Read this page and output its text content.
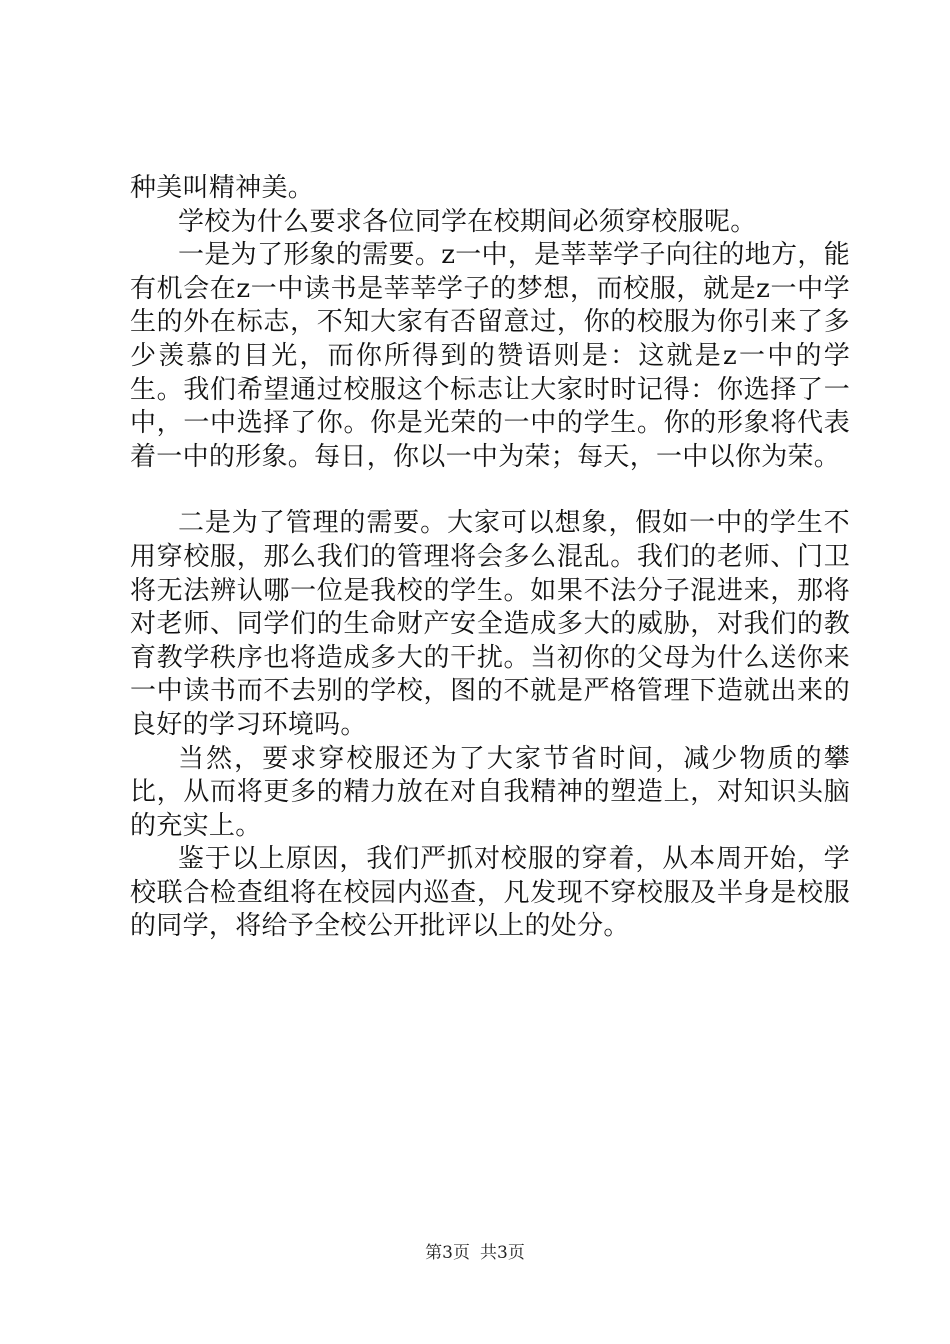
种美叫精神美。

学校为什么要求各位同学在校期间必须穿校服呢。

一是为了形象的需要。z一中，是莘莘学子向往的地方，能有机会在z一中读书是莘莘学子的梦想，而校服，就是z一中学生的外在标志，不知大家有否留意过，你的校服为你引来了多少羡慕的目光，而你所得到的赞语则是：这就是z一中的学生。我们希望通过校服这个标志让大家时时记得：你选择了一中，一中选择了你。你是光荣的一中的学生。你的形象将代表着一中的形象。每日，你以一中为荣；每天，一中以你为荣。

二是为了管理的需要。大家可以想象，假如一中的学生不用穿校服，那么我们的管理将会多么混乱。我们的老师、门卫将无法辨认哪一位是我校的学生。如果不法分子混进来，那将对老师、同学们的生命财产安全造成多大的威胁，对我们的教育教学秩序也将造成多大的干扰。当初你的父母为什么送你来一中读书而不去别的学校，图的不就是严格管理下造就出来的良好的学习环境吗。

当然，要求穿校服还为了大家节省时间，减少物质的攀比，从而将更多的精力放在对自我精神的塑造上，对知识头脑的充实上。

鉴于以上原因，我们严抓对校服的穿着，从本周开始，学校联合检查组将在校园内巡查，凡发现不穿校服及半身是校服的同学，将给予全校公开批评以上的处分。

第3页 共3页
